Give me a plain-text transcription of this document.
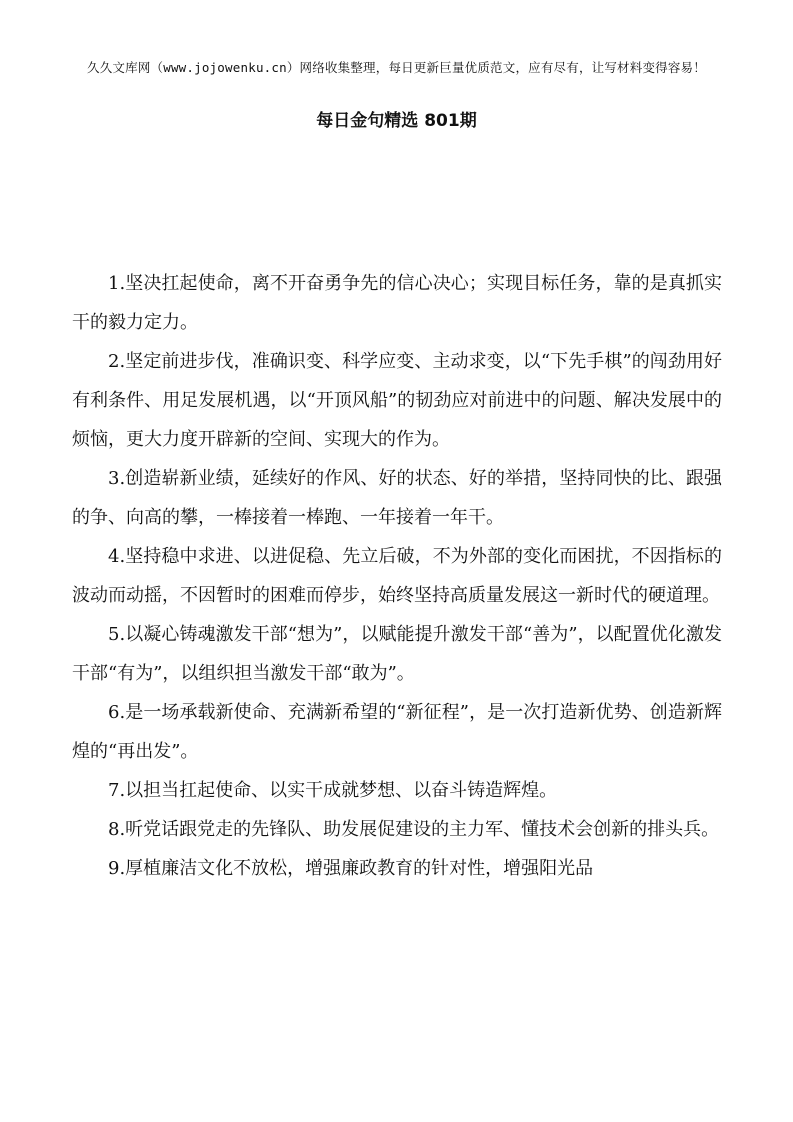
久久文库网（www.jojowenku.cn）网络收集整理，每日更新巨量优质范文，应有尽有，让写材料变得容易！
每日金句精选 801期

1.坚决扛起使命，离不开奋勇争先的信心决心；实现目标任务，靠的是真抓实干的毅力定力。

2.坚定前进步伐，准确识变、科学应变、主动求变，以“下先手棋”的闯劲用好有利条件、用足发展机遇，以“开顶风船”的韧劲应对前进中的问题、解决发展中的烦恼，更大力度开辟新的空间、实现大的作为。

3.创造崭新业绩，延续好的作风、好的状态、好的举措，坚持同快的比、跟强的争、向高的攀，一棒接着一棒跑、一年接着一年干。

4.坚持稳中求进、以进促稳、先立后破，不为外部的变化而困扰，不因指标的波动而动摇，不因暂时的困难而停步，始终坚持高质量发展这一新时代的硬道理。

5.以凝心铸魂激发干部“想为”，以赋能提升激发干部“善为”，以配置优化激发干部“有为”，以组织担当激发干部“敢为”。

6.是一场承载新使命、充满新希望的“新征程”，是一次打造新优势、创造新辉煌的“再出发”。

7.以担当扛起使命、以实干成就梦想、以奋斗铸造辉煌。

8.听党话跟党走的先锋队、助发展促建设的主力军、懂技术会创新的排头兵。

9.厚植廉洁文化不放松，增强廉政教育的针对性，增强阳光品
